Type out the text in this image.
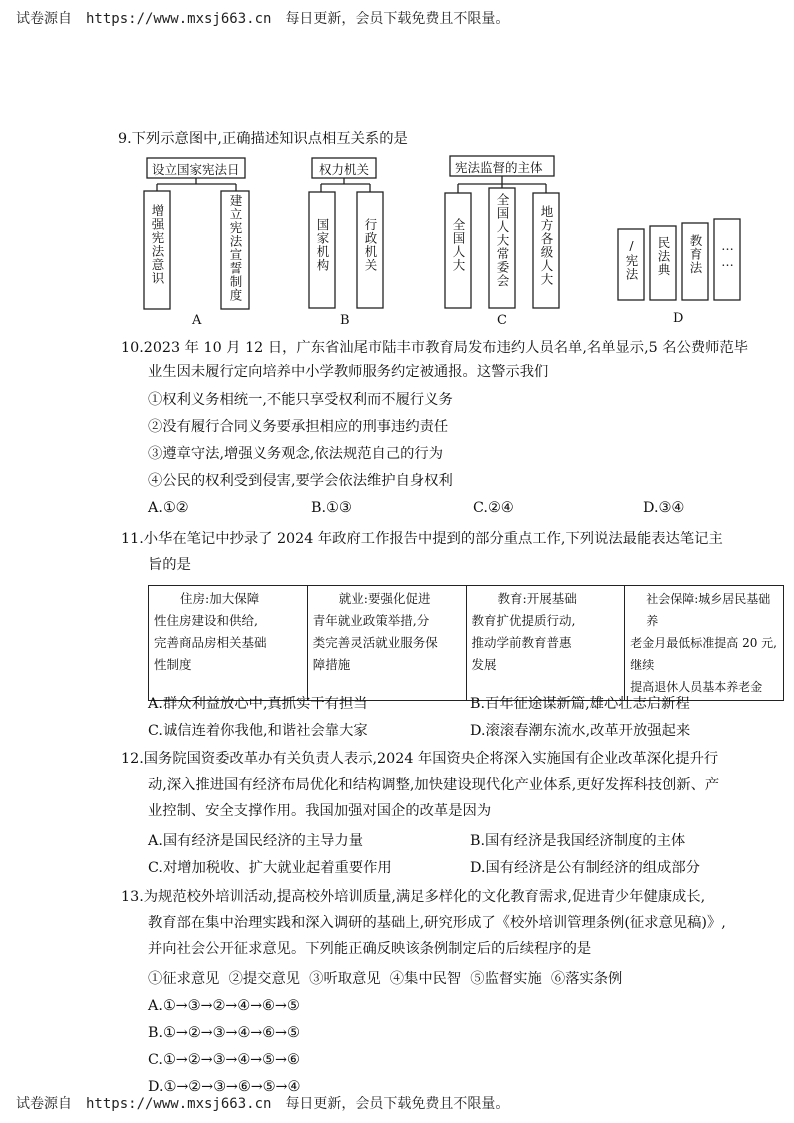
试卷源自 https://www.mxsj663.cn 每日更新，会员下载免费且不限量。
9.下列示意图中,正确描述知识点相互关系的是
设立国家宪法日
增强宪法意识	建立宪法宣誓制度
A
权力机关
国家机构	行政机关
B
宪法监督的主体
全国人大 全国人大常委会 地方各级人大
C
/宪法 民法典 教育法 ……
D
10.2023 年 10 月 12 日，广东省汕尾市陆丰市教育局发布违约人员名单,名单显示,5 名公费师范毕
业生因未履行定向培养中小学教师服务约定被通报。这警示我们
①权利义务相统一,不能只享受权利而不履行义务
②没有履行合同义务要承担相应的刑事违约责任
③遵章守法,增强义务观念,依法规范自己的行为
④公民的权利受到侵害,要学会依法维护自身权利
A.①②	B.①③	C.②④	D.③④
11.小华在笔记中抄录了 2024 年政府工作报告中提到的部分重点工作,下列说法最能表达笔记主
旨的是
住房:加大保障
性住房建设和供给,
完善商品房相关基础
性制度

就业:要强化促进
青年就业政策举措,分
类完善灵活就业服务保
障措施

教育:开展基础
教育扩优提质行动,
推动学前教育普惠
发展

社会保障:城乡居民基础养
老金月最低标准提高 20 元,继续
提高退休人员基本养老金
A.群众利益放心中,真抓实干有担当	B.百年征途谋新篇,雄心壮志启新程
C.诚信连着你我他,和谐社会靠大家	D.滚滚春潮东流水,改革开放强起来
12.国务院国资委改革办有关负责人表示,2024 年国资央企将深入实施国有企业改革深化提升行
动,深入推进国有经济布局优化和结构调整,加快建设现代化产业体系,更好发挥科技创新、产
业控制、安全支撑作用。我国加强对国企的改革是因为
A.国有经济是国民经济的主导力量	B.国有经济是我国经济制度的主体
C.对增加税收、扩大就业起着重要作用	D.国有经济是公有制经济的组成部分
13.为规范校外培训活动,提高校外培训质量,满足多样化的文化教育需求,促进青少年健康成长,
教育部在集中治理实践和深入调研的基础上,研究形成了《校外培训管理条例(征求意见稿)》,
并向社会公开征求意见。下列能正确反映该条例制定后的后续程序的是
①征求意见  ②提交意见  ③听取意见  ④集中民智  ⑤监督实施  ⑥落实条例
A.①→③→②→④→⑥→⑤
B.①→②→③→④→⑥→⑤
C.①→②→③→④→⑤→⑥
D.①→②→③→⑥→⑤→④
试卷源自 https://www.mxsj663.cn 每日更新，会员下载免费且不限量。
